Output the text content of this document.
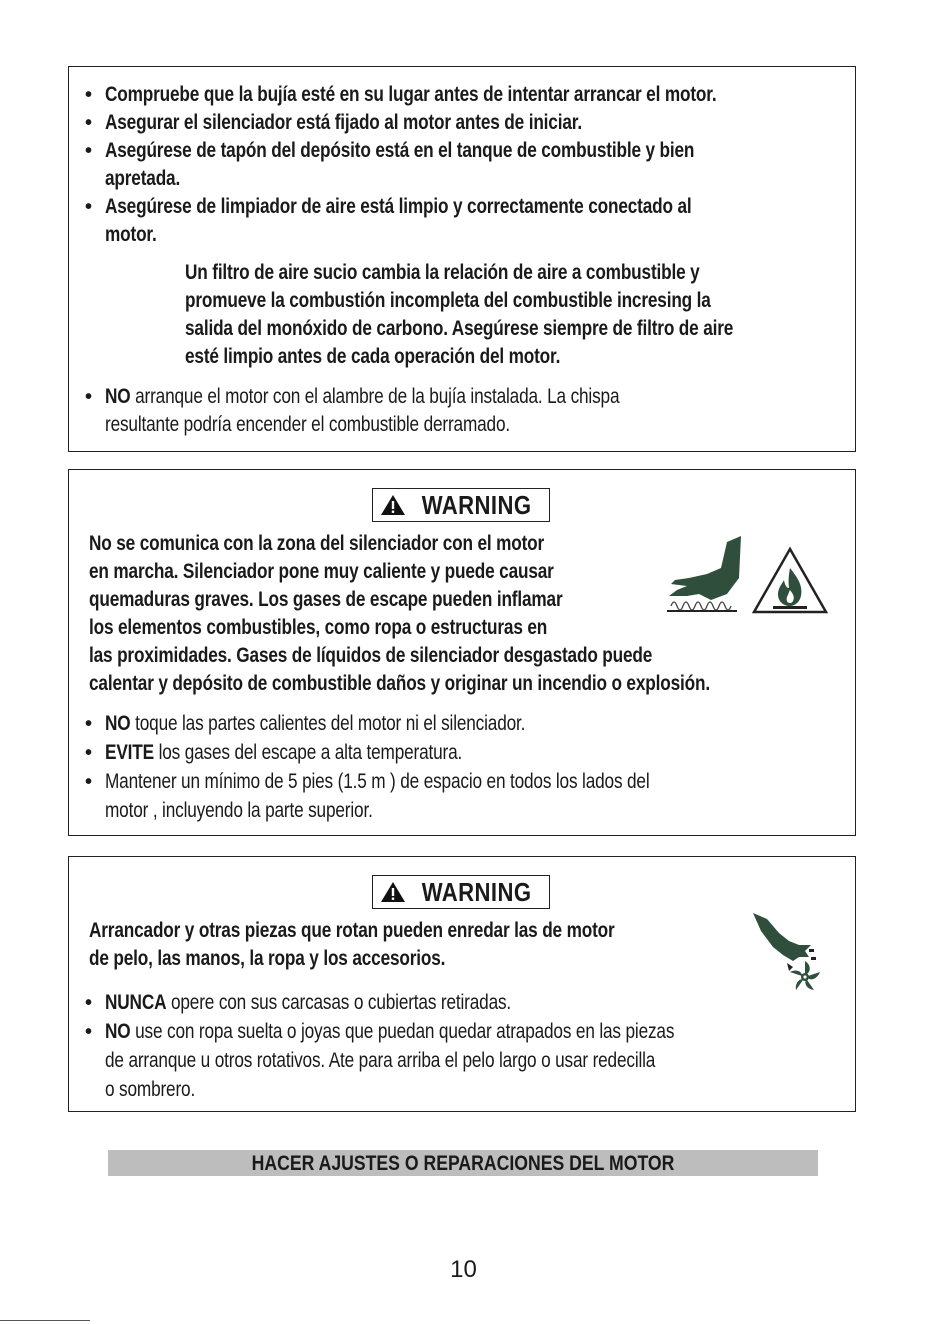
• Compruebe que la bujía esté en su lugar antes de intentar arrancar el motor.
• Asegurar el silenciador está fijado al motor antes de iniciar.
• Asegúrese de tapón del depósito está en el tanque de combustible y bien
apretada.
• Asegúrese de limpiador de aire está limpio y correctamente conectado al
motor.
Un filtro de aire sucio cambia la relación de aire a combustible y
promueve la combustión incompleta del combustible incresing la
salida del monóxido de carbono. Asegúrese siempre de filtro de aire
esté limpio antes de cada operación del motor.
• NO arranque el motor con el alambre de la bujía instalada. La chispa
resultante podría encender el combustible derramado.
WARNING
No se comunica con la zona del silenciador con el motor
en marcha. Silenciador pone muy caliente y puede causar
quemaduras graves. Los gases de escape pueden inflamar
los elementos combustibles, como ropa o estructuras en
las proximidades. Gases de líquidos de silenciador desgastado puede
calentar y depósito de combustible daños y originar un incendio o explosión.
• NO toque las partes calientes del motor ni el silenciador.
• EVITE los gases del escape a alta temperatura.
• Mantener un mínimo de 5 pies (1.5 m ) de espacio en todos los lados del
motor , incluyendo la parte superior.
WARNING
Arrancador y otras piezas que rotan pueden enredar las de motor
de pelo, las manos, la ropa y los accesorios.
• NUNCA opere con sus carcasas o cubiertas retiradas.
• NO use con ropa suelta o joyas que puedan quedar atrapados en las piezas
de arranque u otros rotativos. Ate para arriba el pelo largo o usar redecilla
o sombrero.
HACER AJUSTES O REPARACIONES DEL MOTOR
10
